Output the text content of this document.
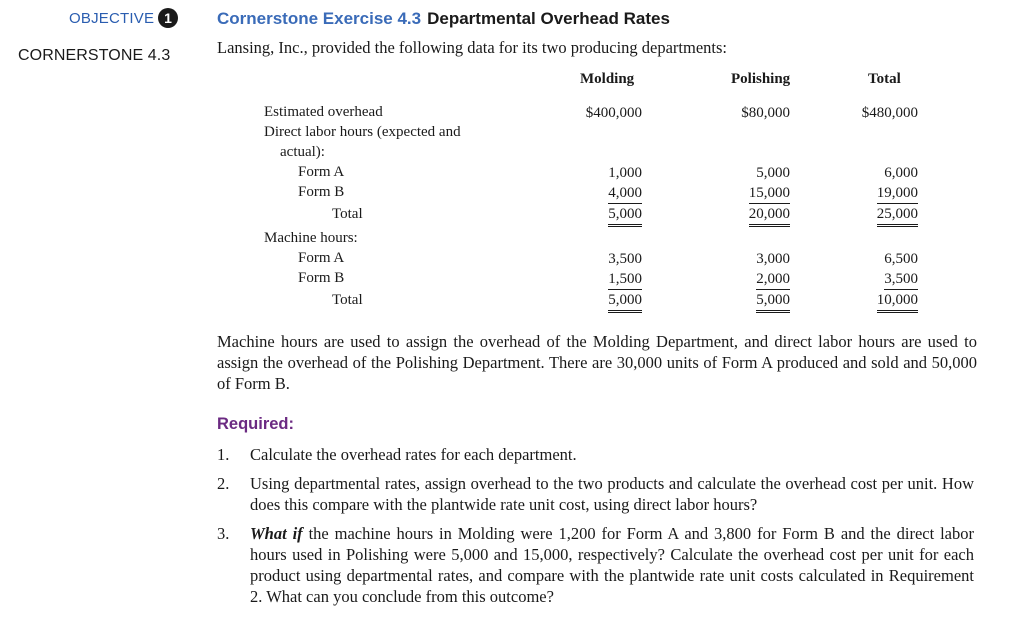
OBJECTIVE 1
CORNERSTONE 4.3
Cornerstone Exercise 4.3 Departmental Overhead Rates
Lansing, Inc., provided the following data for its two producing departments:
Molding	Polishing	Total
Estimated overhead	$400,000	$80,000	$480,000
Direct labor hours (expected and
actual):
Form A	1,000	5,000	6,000
Form B	4,000	15,000	19,000
Total	5,000	20,000	25,000
Machine hours:
Form A	3,500	3,000	6,500
Form B	1,500	2,000	3,500
Total	5,000	5,000	10,000
Machine hours are used to assign the overhead of the Molding Department, and direct labor hours are used to assign the overhead of the Polishing Department. There are 30,000 units of Form A produced and sold and 50,000 of Form B.
Required:
1. Calculate the overhead rates for each department.
2. Using departmental rates, assign overhead to the two products and calculate the overhead cost per unit. How does this compare with the plantwide rate unit cost, using direct labor hours?
3. What if the machine hours in Molding were 1,200 for Form A and 3,800 for Form B and the direct labor hours used in Polishing were 5,000 and 15,000, respectively? Calculate the overhead cost per unit for each product using departmental rates, and compare with the plantwide rate unit costs calculated in Requirement 2. What can you conclude from this outcome?
